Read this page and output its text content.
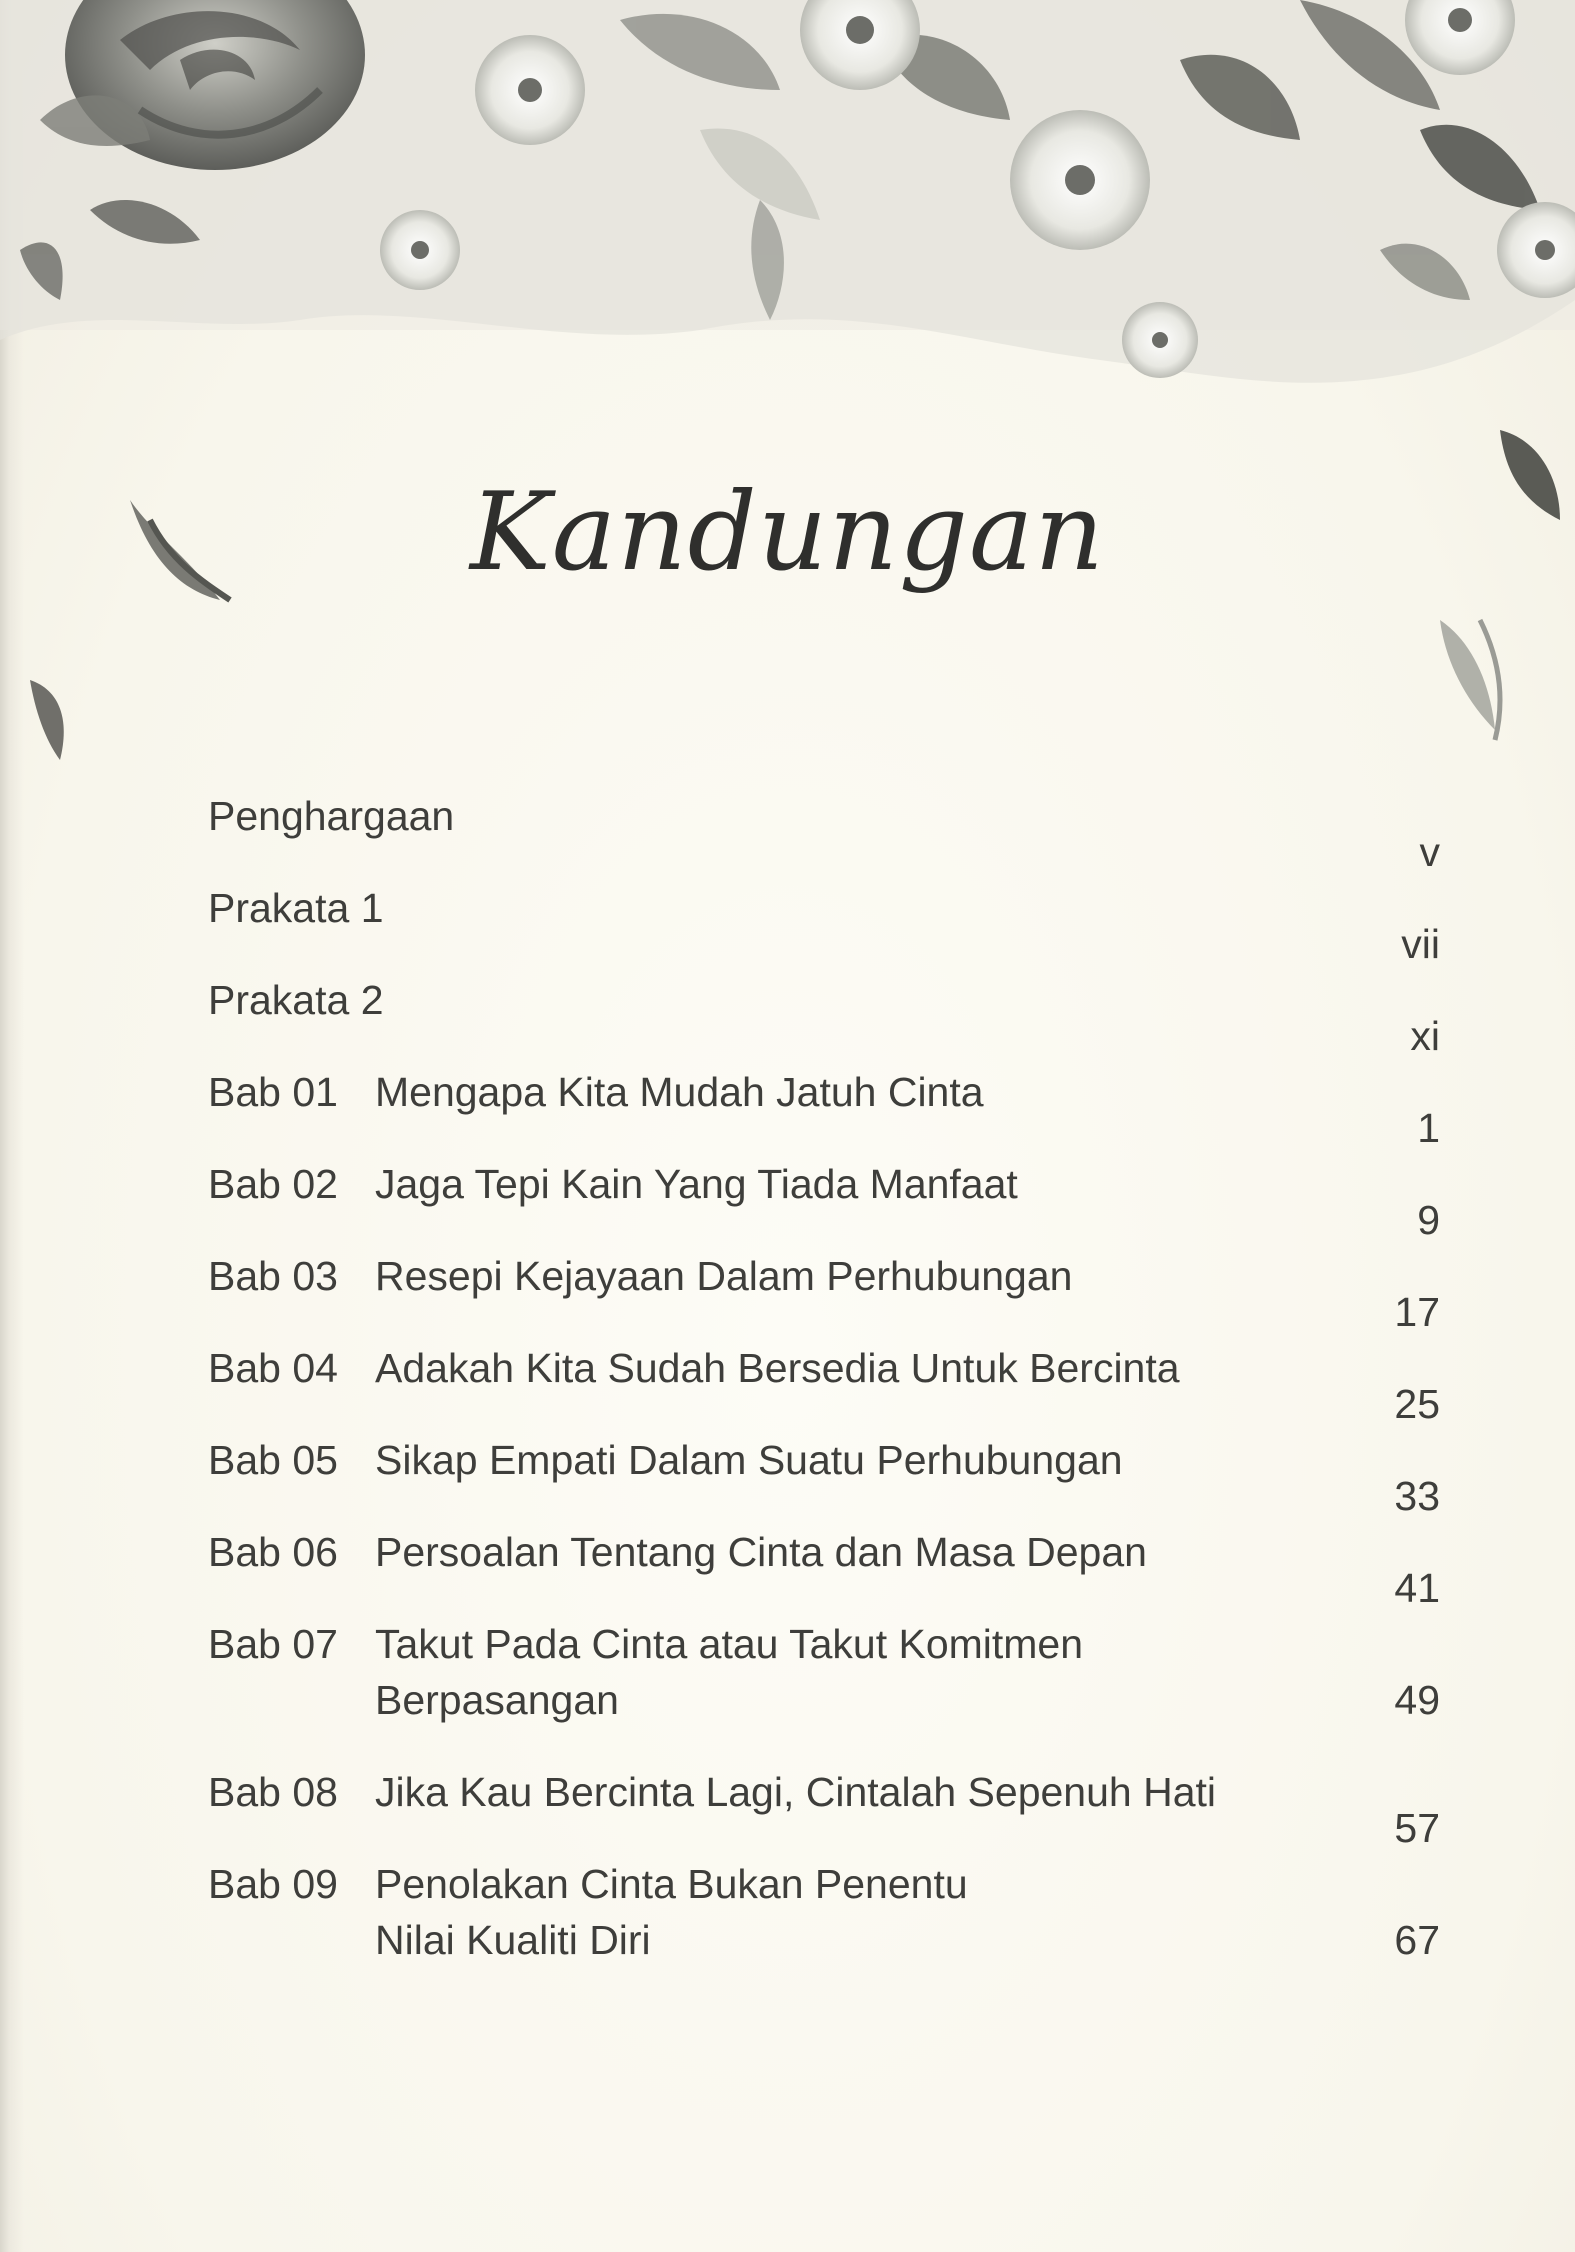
Kandungan
Penghargaan
v
Prakata 1
vii
Prakata 2
xi
Bab 01 Mengapa Kita Mudah Jatuh Cinta
1
Bab 02 Jaga Tepi Kain Yang Tiada Manfaat
9
Bab 03 Resepi Kejayaan Dalam Perhubungan
17
Bab 04 Adakah Kita Sudah Bersedia Untuk Bercinta
25
Bab 05 Sikap Empati Dalam Suatu Perhubungan
33
Bab 06 Persoalan Tentang Cinta dan Masa Depan
41
Bab 07 Takut Pada Cinta atau Takut Komitmen
Berpasangan	49
Bab 08 Jika Kau Bercinta Lagi, Cintalah Sepenuh Hati
57
Bab 09 Penolakan Cinta Bukan Penentu
Nilai Kualiti Diri	67
